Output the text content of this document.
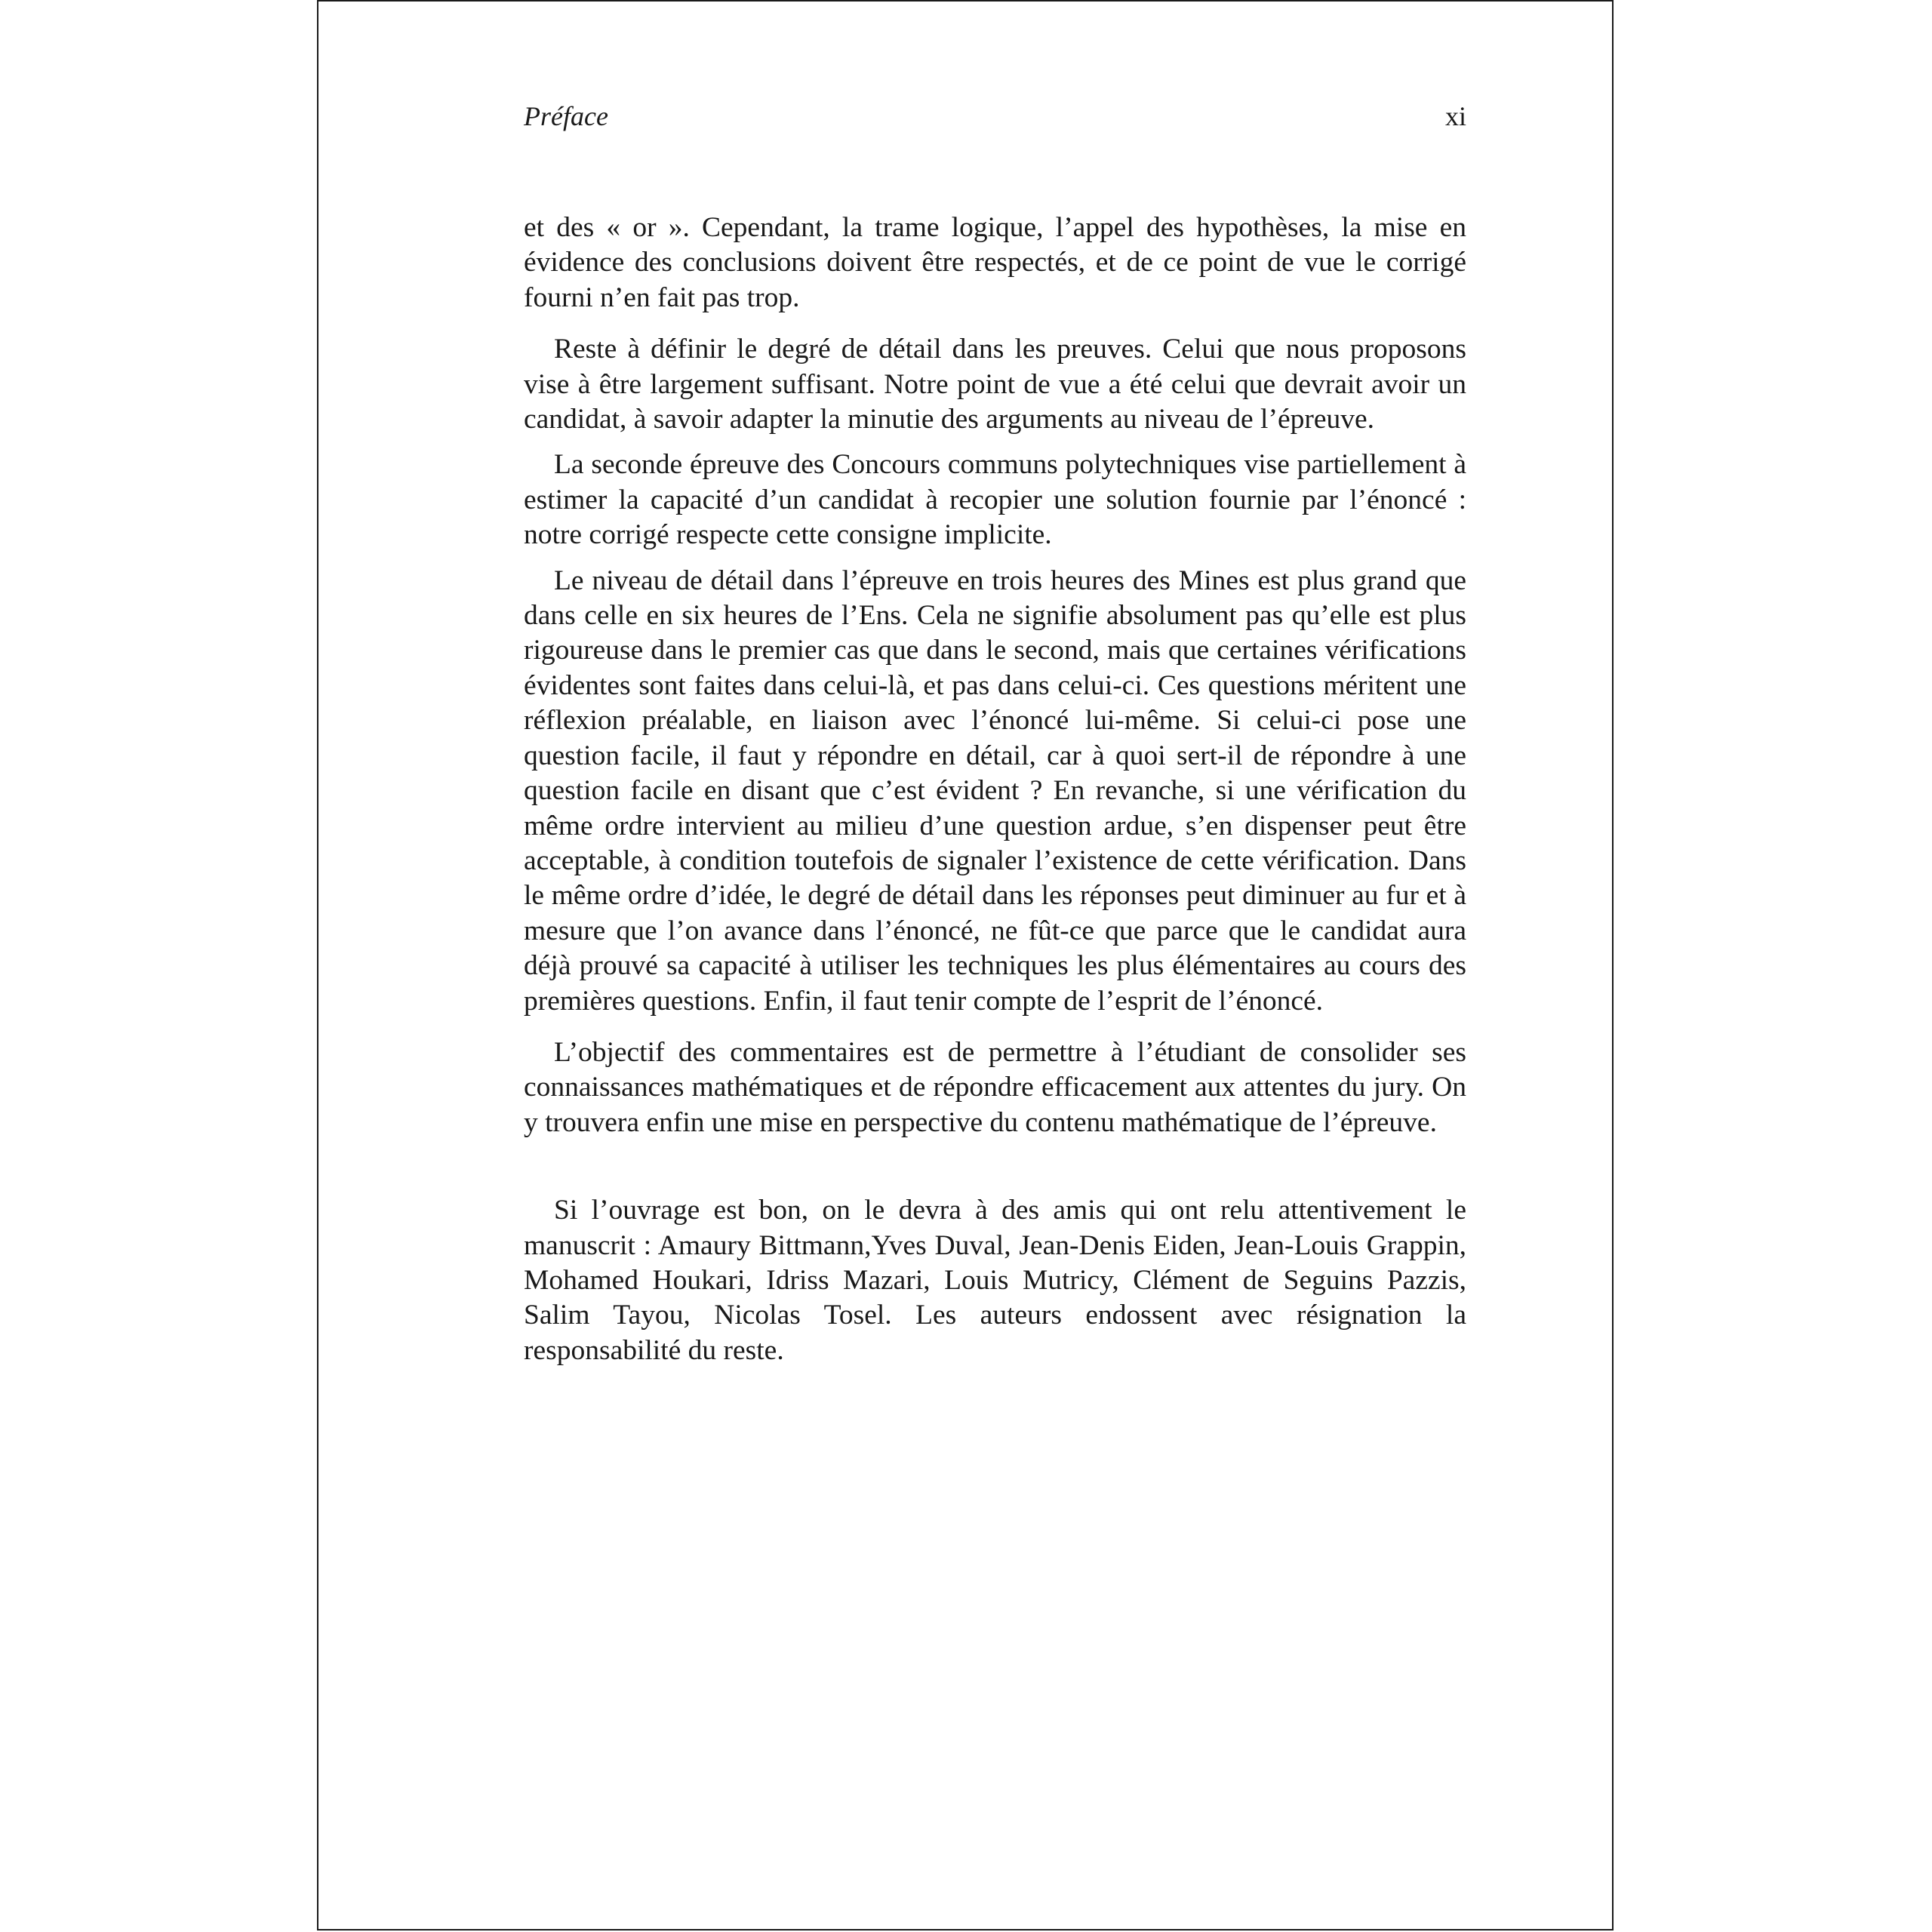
Préface	xi

et des « or ». Cependant, la trame logique, l’appel des hypothèses, la mise en évidence des conclusions doivent être respectés, et de ce point de vue le corrigé fourni n’en fait pas trop.

Reste à définir le degré de détail dans les preuves. Celui que nous proposons vise à être largement suffisant. Notre point de vue a été celui que devrait avoir un candidat, à savoir adapter la minutie des arguments au niveau de l’épreuve.

La seconde épreuve des Concours communs polytechniques vise partiellement à estimer la capacité d’un candidat à recopier une solution fournie par l’énoncé : notre corrigé respecte cette consigne implicite.

Le niveau de détail dans l’épreuve en trois heures des Mines est plus grand que dans celle en six heures de l’Ens. Cela ne signifie absolument pas qu’elle est plus rigoureuse dans le premier cas que dans le second, mais que certaines vérifications évidentes sont faites dans celui-là, et pas dans celui-ci. Ces questions méritent une réflexion préalable, en liaison avec l’énoncé lui-même. Si celui-ci pose une question facile, il faut y répondre en détail, car à quoi sert-il de répondre à une question facile en disant que c’est évident ? En revanche, si une vérification du même ordre intervient au milieu d’une question ardue, s’en dispenser peut être acceptable, à condition toutefois de signaler l’existence de cette vérification. Dans le même ordre d’idée, le degré de détail dans les réponses peut diminuer au fur et à mesure que l’on avance dans l’énoncé, ne fût-ce que parce que le candidat aura déjà prouvé sa capacité à utiliser les techniques les plus élémentaires au cours des premières questions. Enfin, il faut tenir compte de l’esprit de l’énoncé.

L’objectif des commentaires est de permettre à l’étudiant de consolider ses connaissances mathématiques et de répondre efficacement aux attentes du jury. On y trouvera enfin une mise en perspective du contenu mathématique de l’épreuve.

Si l’ouvrage est bon, on le devra à des amis qui ont relu attentivement le manuscrit : Amaury Bittmann,Yves Duval, Jean-Denis Eiden, Jean-Louis Grappin, Mohamed Houkari, Idriss Mazari, Louis Mutricy, Clément de Seguins Pazzis, Salim Tayou, Nicolas Tosel. Les auteurs endossent avec résignation la responsabilité du reste.
